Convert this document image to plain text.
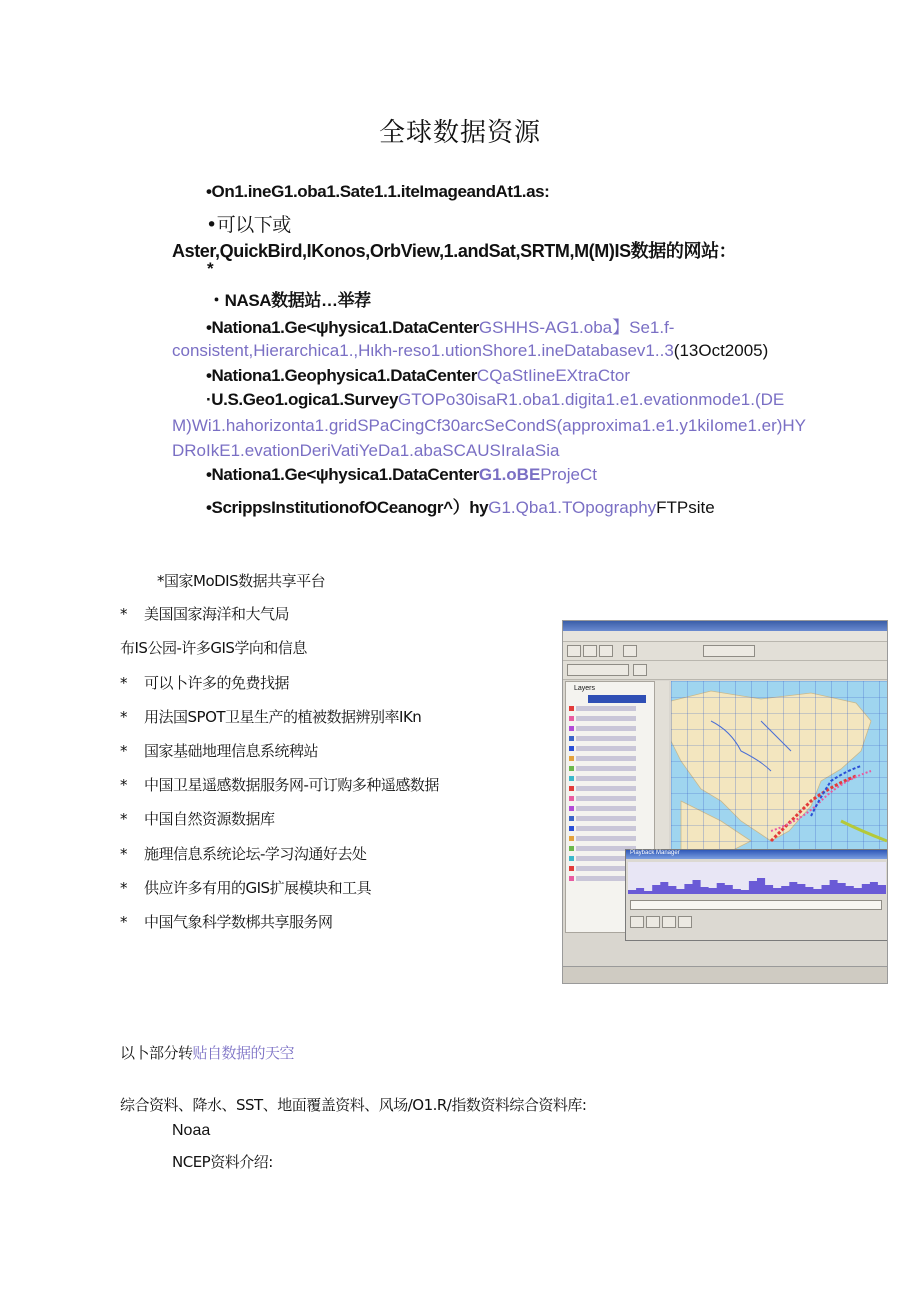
全球数据资源
•On1.ineG1.oba1.Sate1.1.iteImageandAt1.as:
•可以下或
Aster,QuickBird,IKonos,OrbView,1.andSat,SRTM,M(M)IS数据的网站：
*
・NASA数据站…举荐
•Nationa1.Ge<ψhysica1.DataCenterGSHHS-AG1.oba】Se1.f-
consistent,Hierarchica1.,Hιkh-reso1.utionShore1.ineDatabasev1..3(13Oct2005)
•Nationa1.Geophysica1.DataCenterCQaStIineEXtraCtor
·U.S.Geo1.ogica1.SurveyGTOPo30isaR1.oba1.digita1.e1.evationmode1.(DE
M)Wi1.hahorizonta1.gridSPaCingCf30arcSeCondS(approxima1.e1.y1kiIome1.er)HY
DRoIkE1.evationDeriVatiYeDa1.abaSCAUSIraIaSia
•Nationa1.Ge<ψhysica1.DataCenterG1.oBEProjeCt
•ScrippsInstitutionofOCeanogr^）hyG1.Qba1.TOpographyFTPsite
*国家MoDIS数据共享平台
* 美国国家海洋和大气局
布IS公园-许多GIS学向和信息
* 可以卜许多的免费找据
* 用法国SPOT卫星生产的植被数据辨别率IKn
* 国家基础地理信息系统稗站
* 中国卫星遥感数据服务网-可订购多种遥感数据
* 中国自然资源数据库
* 施理信息系统论坛-学习沟通好去处
* 供应许多有用的GIS扩展模块和工具
* 中国气象科学数梆共享服务网
Layers
Playback Manager
以卜部分转贴自数据的天空
综合资料、降水、SST、地面覆盖资料、风场/O1.R/指数资料综合资料库:
Noaa
NCEP资料介绍:
